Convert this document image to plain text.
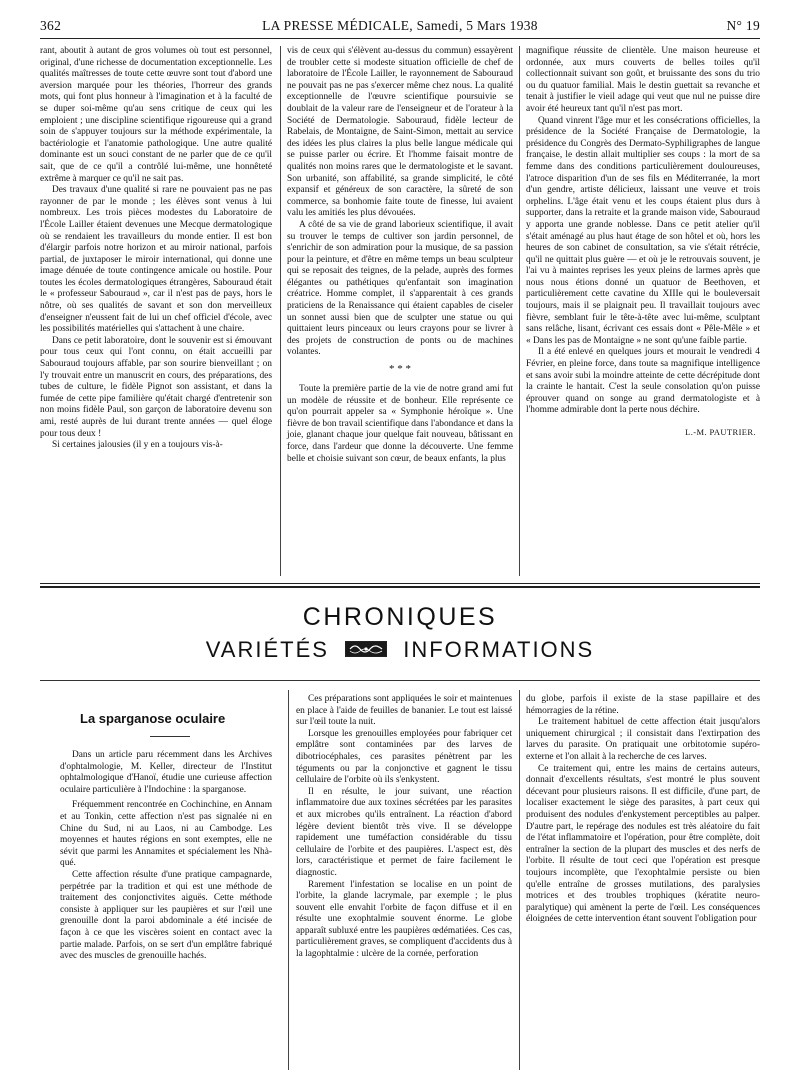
362	LA PRESSE MÉDICALE, Samedi, 5 Mars 1938	N° 19

rant, aboutit à autant de gros volumes où tout est personnel, original, d'une richesse de documentation exceptionnelle. Les qualités maîtresses de toute cette œuvre sont tout d'abord une aversion marquée pour les théories, l'horreur des grands mots, qui font plus honneur à l'imagination et à la faculté de se duper soi-même qu'au sens critique de ceux qui les emploient ; une discipline scientifique rigoureuse qui a grand soin de s'appuyer toujours sur la méthode expérimentale, la bactériologie et l'anatomie pathologique. Une autre qualité dominante est un souci constant de ne parler que de ce qu'il sait, que de ce qu'il a contrôlé lui-même, une honnêteté extrême à marquer ce qu'il ne sait pas.

Des travaux d'une qualité si rare ne pouvaient pas ne pas rayonner de par le monde ; les élèves sont venus à lui nombreux. Les trois pièces modestes du Laboratoire de l'École Lailler étaient devenues une Mecque dermatologique où se rendaient les travailleurs du monde entier. Il est bon d'élargir parfois notre horizon et au miroir national, parfois partial, de juxtaposer le miroir international, qui donne une image dénuée de toute contingence amicale ou hostile. Pour toutes les écoles dermatologiques étrangères, Sabouraud était le « professeur Sabouraud », car il n'est pas de pays, hors le nôtre, où ses qualités de savant et son don merveilleux d'enseigner n'eussent fait de lui un chef officiel d'école, avec les possibilités matérielles qui s'attachent à une chaire.

Dans ce petit laboratoire, dont le souvenir est si émouvant pour tous ceux qui l'ont connu, on était accueilli par Sabouraud toujours affable, par son sourire bienveillant ; on l'y trouvait entre un manuscrit en cours, des préparations, des tubes de culture, le fidèle Pignot son assistant, et dans la fumée de cette pipe familière qu'était chargé d'entretenir son non moins fidèle Paul, son garçon de laboratoire devenu son ami, resté auprès de lui durant trente années — quel éloge pour tous deux !

Si certaines jalousies (il y en a toujours vis-à-

vis de ceux qui s'élèvent au-dessus du commun) essayèrent de troubler cette si modeste situation officielle de chef de laboratoire de l'École Lailler, le rayonnement de Sabouraud ne pouvait pas ne pas s'exercer même chez nous. La qualité exceptionnelle de l'œuvre scientifique poursuivie se doublait de la valeur rare de l'enseigneur et de l'orateur à la Société de Dermatologie. Sabouraud, fidèle lecteur de Rabelais, de Montaigne, de Saint-Simon, mettait au service des idées les plus claires la plus belle langue médicale qui se puisse parler ou écrire. Et l'homme faisait montre de qualités non moins rares que le dermatologiste et le savant. Son urbanité, son affabilité, sa grande simplicité, le côté expansif et généreux de son caractère, la sûreté de son commerce, sa bonhomie faite toute de finesse, lui avaient valu les amitiés les plus dévouées.

A côté de sa vie de grand laborieux scientifique, il avait su trouver le temps de cultiver son jardin personnel, de s'enrichir de son admiration pour la musique, de sa passion pour la peinture, et d'être en même temps un beau sculpteur qui se reposait des teignes, de la pelade, auprès des formes élégantes ou pathétiques qu'enfantait son imagination créatrice. Homme complet, il s'apparentait à ces grands praticiens de la Renaissance qui étaient capables de ciseler un sonnet aussi bien que de sculpter une statue ou qui quittaient leurs pinceaux ou leurs crayons pour se livrer à des projets de construction de ponts ou de machines volantes.

* * *

Toute la première partie de la vie de notre grand ami fut un modèle de réussite et de bonheur. Elle représente ce qu'on pourrait appeler sa « Symphonie héroïque ». Une fièvre de bon travail scientifique dans l'abondance et dans la joie, glanant chaque jour quelque fait nouveau, bâtissant en force, dans l'ardeur que donne la découverte. Une femme belle et choisie suivant son cœur, de beaux enfants, la plus

magnifique réussite de clientèle. Une maison heureuse et ordonnée, aux murs couverts de belles toiles qu'il collectionnait suivant son goût, et bruissante des sons du trio ou du quatuor familial. Mais le destin guettait sa revanche et tenait à justifier le vieil adage qui veut que nul ne puisse dire avoir été heureux tant qu'il n'est pas mort.

Quand vinrent l'âge mur et les consécrations officielles, la présidence de la Société Française de Dermatologie, la présidence du Congrès des Dermato-Syphiligraphes de langue française, le destin allait multiplier ses coups : la mort de sa femme dans des conditions particulièrement douloureuses, l'atroce disparition d'un de ses fils en Méditerranée, la mort d'un gendre, artiste délicieux, laissant une veuve et trois orphelins. L'âge était venu et les coups étaient plus durs à supporter, dans la retraite et la grande maison vide, Sabouraud y apporta une grande noblesse. Dans ce petit atelier qu'il s'était aménagé au plus haut étage de son hôtel et où, hors les heures de son cabinet de consultation, sa vie s'était rétrécie, qu'il ne quittait plus guère — et où je le retrouvais souvent, je l'ai vu à maintes reprises les yeux pleins de larmes après que nous nous étions donné un quatuor de Beethoven, et particulièrement cette cavatine du XIIIe qui le bouleversait toujours, mais il se plaignait peu. Il travaillait toujours avec fièvre, semblant fuir le tête-à-tête avec lui-même, sculptant sans relâche, lisant, écrivant ces essais dont « Pêle-Mêle » et « Dans les pas de Montaigne » ne sont qu'une faible partie.

Il a été enlevé en quelques jours et mourait le vendredi 4 Février, en pleine force, dans toute sa magnifique intelligence et sans avoir subi la moindre atteinte de cette décrépitude dont la crainte le hantait. C'est la seule consolation qu'on puisse éprouver quand on songe au grand dermatologiste et à l'homme admirable dont la perte nous déchire.

L.-M. PAUTRIER.
CHRONIQUES
VARIÉTÉS	INFORMATIONS
La sparganose oculaire

Dans un article paru récemment dans les Archives d'ophtalmologie, M. Keller, directeur de l'Institut ophtalmologique d'Hanoï, étudie une curieuse affection oculaire particulière à l'Indochine : la sparganose.

Fréquemment rencontrée en Cochinchine, en Annam et au Tonkin, cette affection n'est pas signalée ni en Chine du Sud, ni au Laos, ni au Cambodge. Les moyennes et hautes régions en sont exemptes, elle ne sévit que parmi les Annamites et spécialement les Nhà-qué.

Cette affection résulte d'une pratique campagnarde, perpétrée par la tradition et qui est une méthode de traitement des conjonctivites aiguës. Cette méthode consiste à appliquer sur les paupières et sur l'œil une grenouille dont la paroi abdominale a été incisée de façon à ce que les viscères soient en contact avec la partie malade. Parfois, on se sert d'un emplâtre fabriqué avec des muscles de grenouille hachés.

Ces préparations sont appliquées le soir et maintenues en place à l'aide de feuilles de bananier. Le tout est laissé sur l'œil toute la nuit.

Lorsque les grenouilles employées pour fabriquer cet emplâtre sont contaminées par des larves de dibotriocéphales, ces parasites pénètrent par les téguments ou par la conjonctive et gagnent le tissu cellulaire de l'orbite où ils s'enkystent.

Il en résulte, le jour suivant, une réaction inflammatoire due aux toxines sécrétées par les parasites et aux microbes qu'ils entraînent. La réaction d'abord légère devient bientôt très vive. Il se développe rapidement une tuméfaction considérable du tissu cellulaire de l'orbite et des paupières. L'aspect est, dès lors, caractéristique et permet de faire facilement le diagnostic.

Rarement l'infestation se localise en un point de l'orbite, la glande lacrymale, par exemple ; le plus souvent elle envahit l'orbite de façon diffuse et il en résulte une exophtalmie souvent énorme. Le globe apparaît subluxé entre les paupières œdématiées. Ces cas, particulièrement graves, se compliquent d'accidents dus à la lagophtalmie : ulcère de la cornée, perforation

du globe, parfois il existe de la stase papillaire et des hémorragies de la rétine.

Le traitement habituel de cette affection était jusqu'alors uniquement chirurgical ; il consistait dans l'extirpation des larves du parasite. On pratiquait une orbitotomie supéro-externe et l'on allait à la recherche de ces larves.

Ce traitement qui, entre les mains de certains auteurs, donnait d'excellents résultats, s'est montré le plus souvent décevant pour plusieurs raisons. Il est difficile, d'une part, de localiser exactement le siège des parasites, à part ceux qui produisent des nodules d'enkystement perceptibles au palper. D'autre part, le repérage des nodules est très aléatoire du fait de l'état inflammatoire et l'opération, pour être complète, doit entraîner la section de la plupart des muscles et des nerfs de l'orbite. Il résulte de tout ceci que l'opération est presque toujours incomplète, que l'exophtalmie persiste ou bien qu'elle entraîne de grosses mutilations, des paralysies motrices et des troubles trophiques (kératite neuro-paralytique) qui amènent la perte de l'œil. Les conséquences éloignées de cette intervention étant souvent l'obligation pour
